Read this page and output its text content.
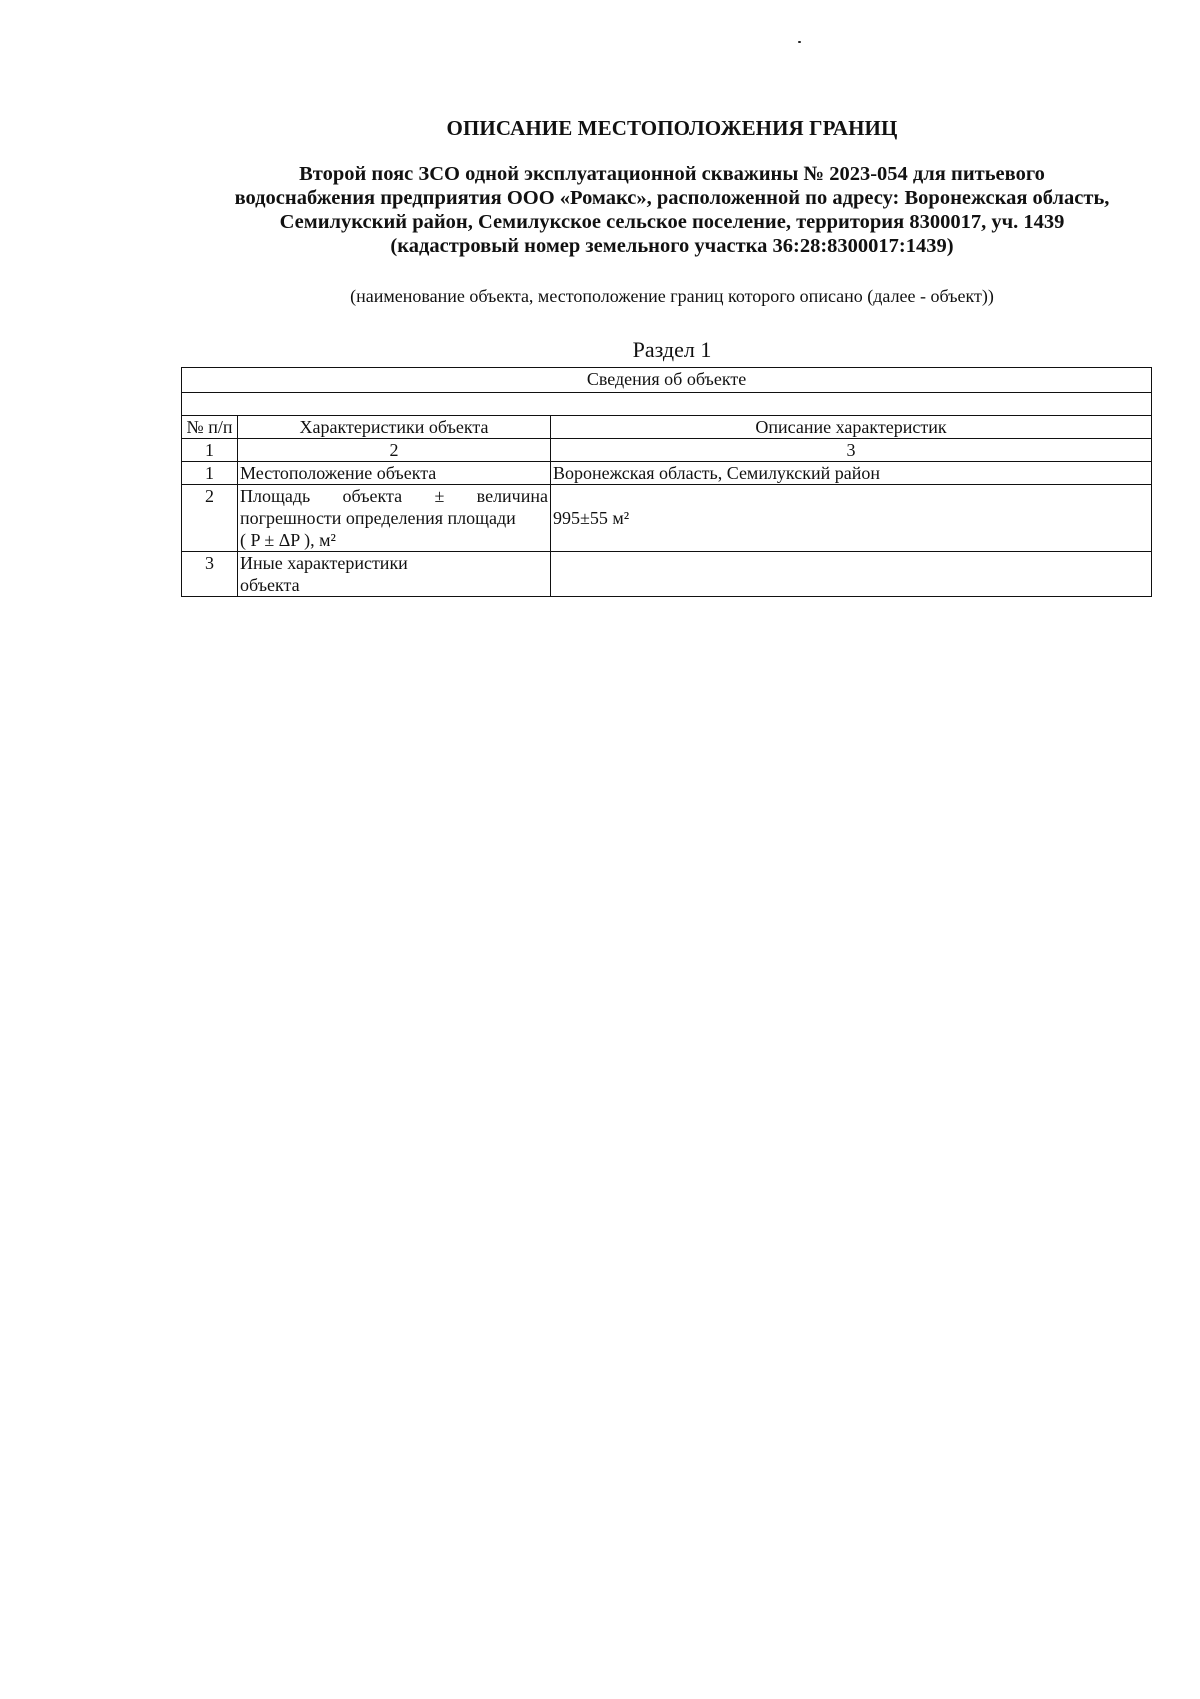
ОПИСАНИЕ МЕСТОПОЛОЖЕНИЯ ГРАНИЦ
Второй пояс ЗСО одной эксплуатационной скважины № 2023-054 для питьевого
водоснабжения предприятия ООО «Ромакс», расположенной по адресу: Воронежская область,
Семилукский район, Семилукское сельское поселение, территория 8300017, уч. 1439
(кадастровый номер земельного участка 36:28:8300017:1439)
(наименование объекта, местоположение границ которого описано (далее - объект))
Раздел 1
Сведения об объекте		

№ п/п	Характеристики объекта	Описание характеристик
1	2	3
1	Местоположение объекта	Воронежская область, Семилукский район
2	Площадь объекта ± величина
погрешности определения площади
( P ± ΔP ), м²	995±55 м²
3	Иные характеристики
объекта	
